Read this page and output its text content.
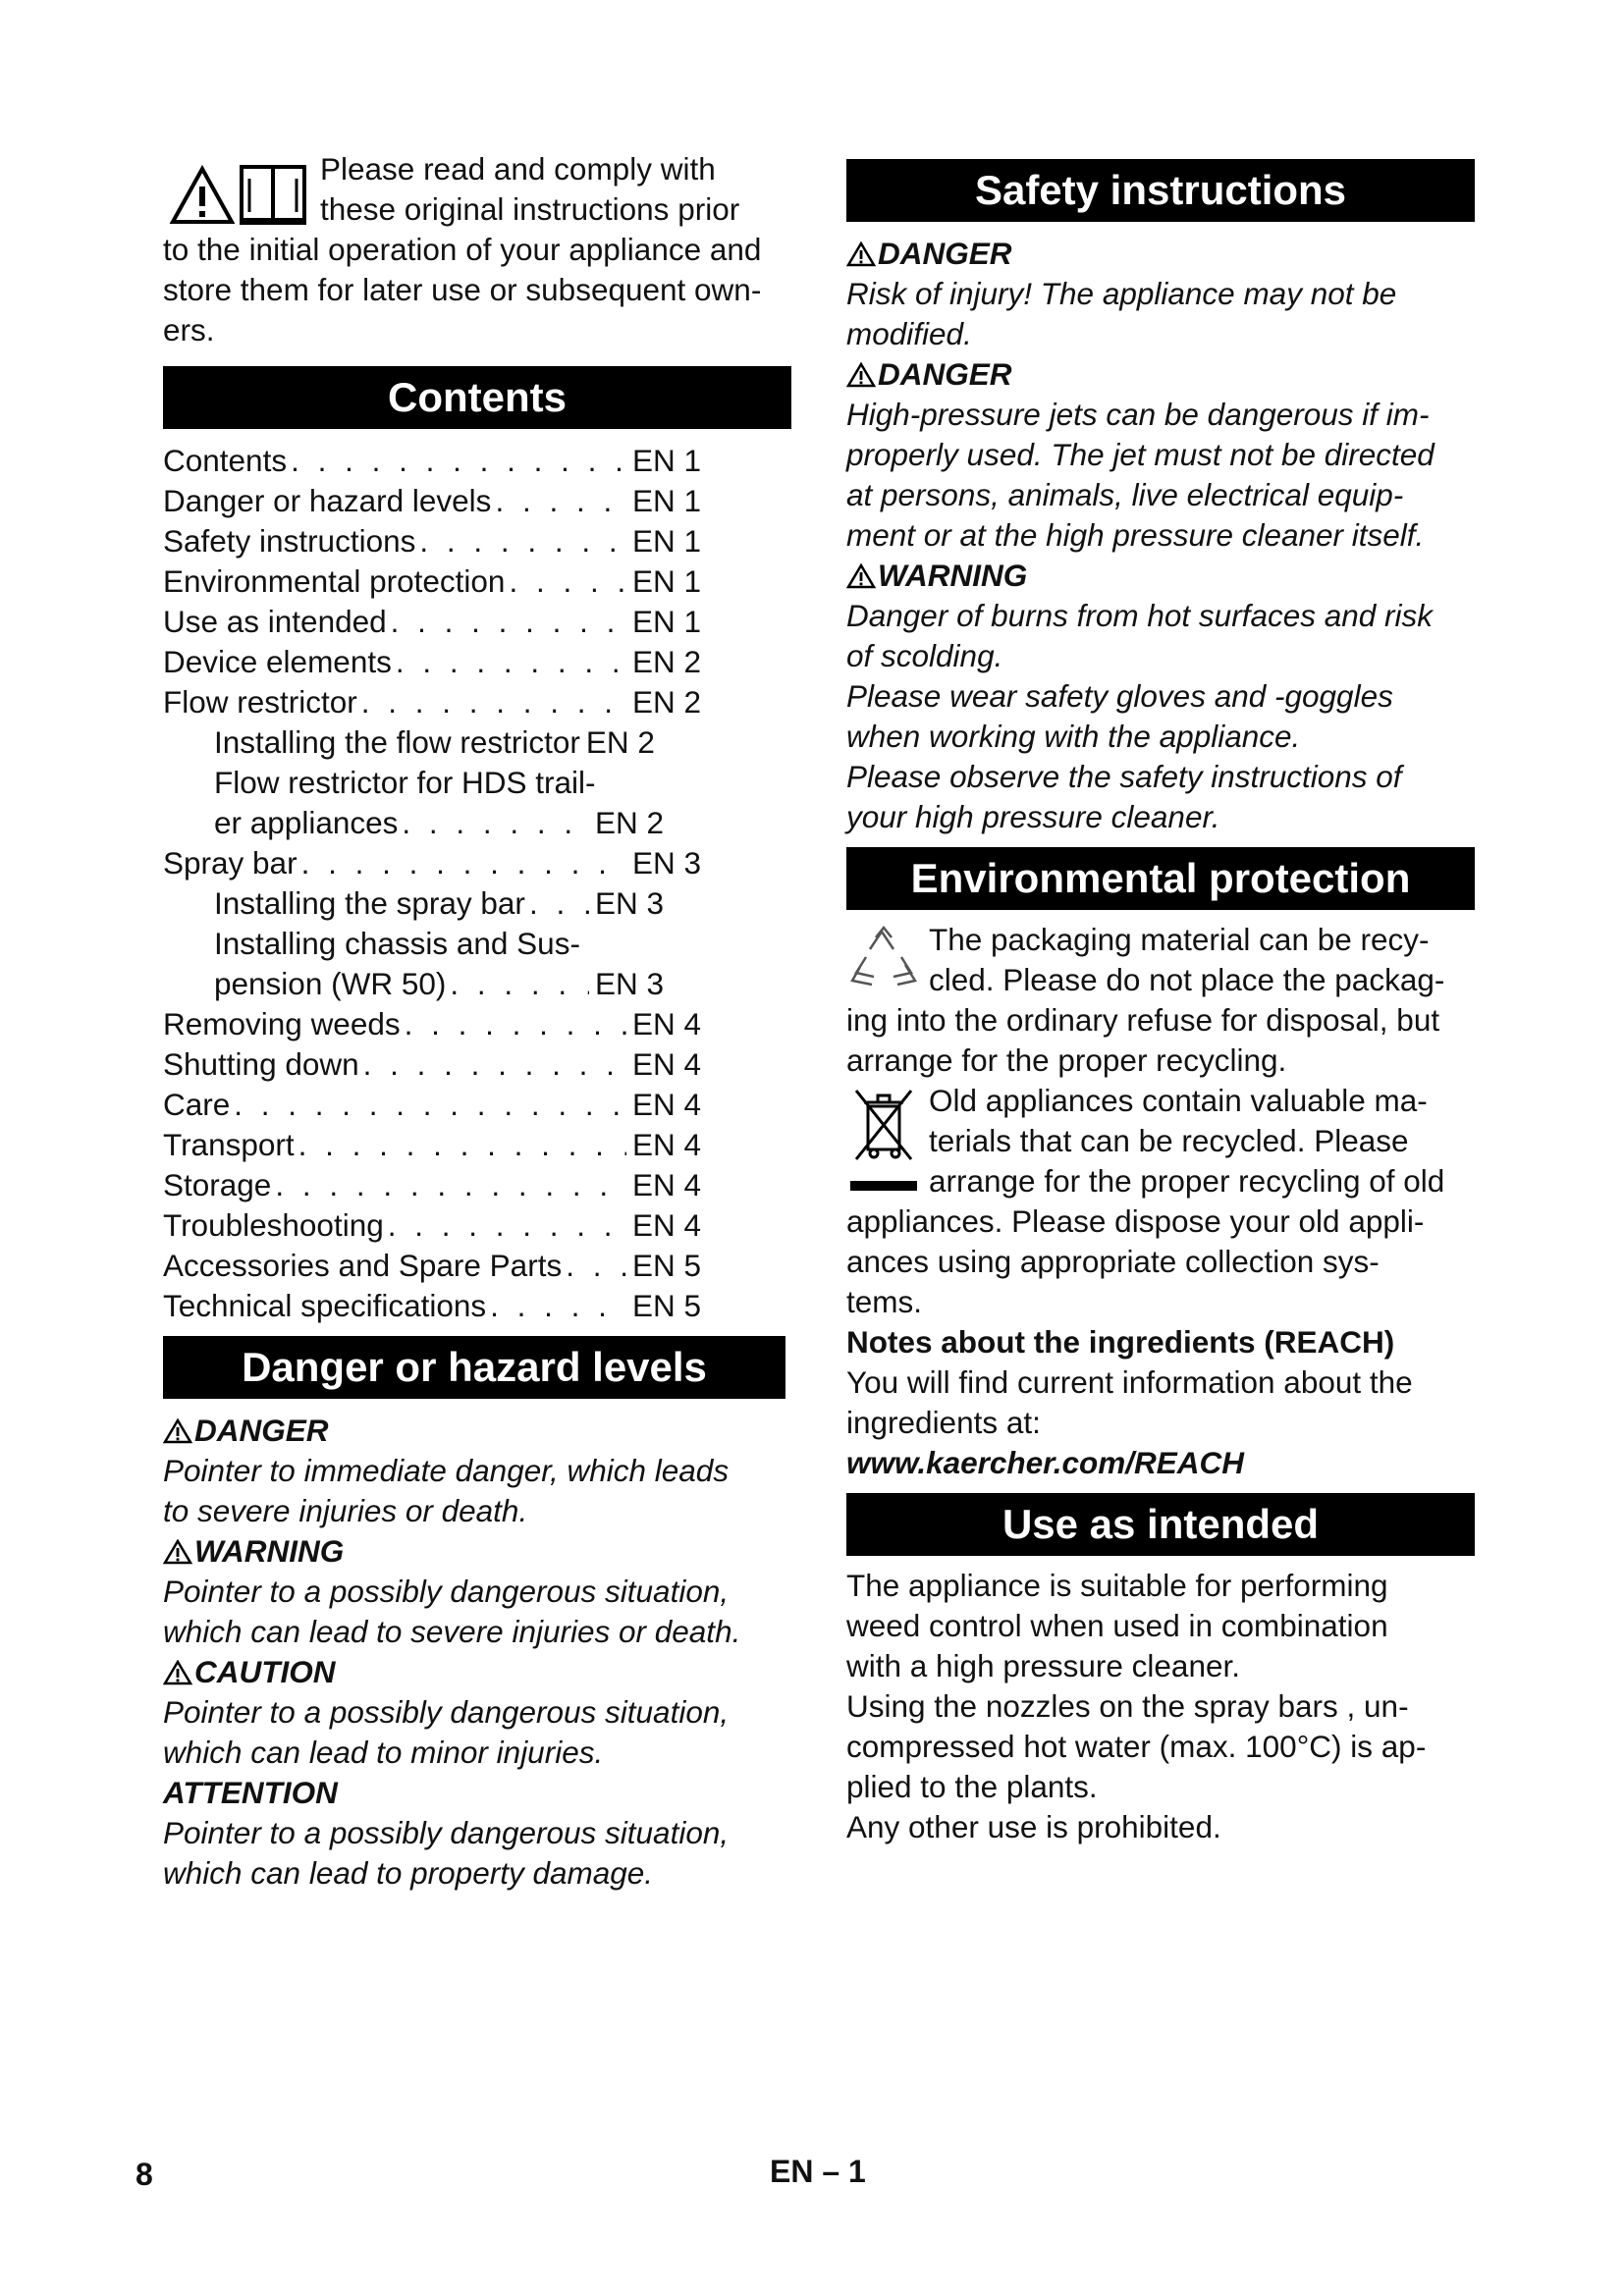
Please read and comply with
these original instructions prior
to the initial operation of your appliance and
store them for later use or subsequent own-
ers.
Contents
Contents . . .	EN 1
Danger or hazard levels . . .	EN 1
Safety instructions . . .	EN 1
Environmental protection . . .	EN 1
Use as intended . . .	EN 1
Device elements . . .	EN 2
Flow restrictor . . .	EN 2
Installing the flow restrictor EN 2
Flow restrictor for HDS trail-
er appliances . . .	EN 2
Spray bar . . .	EN 3
Installing the spray bar . . . EN 3
Installing chassis and Sus-
pension (WR 50) . . .	EN 3
Removing weeds . . .	EN 4
Shutting down . . .	EN 4
Care . . .	EN 4
Transport . . .	EN 4
Storage . . .	EN 4
Troubleshooting . . .	EN 4
Accessories and Spare Parts . . . EN 5
Technical specifications . . .	EN 5
Danger or hazard levels
DANGER
Pointer to immediate danger, which leads
to severe injuries or death.
WARNING
Pointer to a possibly dangerous situation,
which can lead to severe injuries or death.
CAUTION
Pointer to a possibly dangerous situation,
which can lead to minor injuries.
ATTENTION
Pointer to a possibly dangerous situation,
which can lead to property damage.
Safety instructions
DANGER
Risk of injury! The appliance may not be
modified.
DANGER
High-pressure jets can be dangerous if im-
properly used. The jet must not be directed
at persons, animals, live electrical equip-
ment or at the high pressure cleaner itself.
WARNING
Danger of burns from hot surfaces and risk
of scolding.
Please wear safety gloves and -goggles
when working with the appliance.
Please observe the safety instructions of
your high pressure cleaner.
Environmental protection
The packaging material can be recy-
cled. Please do not place the packag-
ing into the ordinary refuse for disposal, but
arrange for the proper recycling.
Old appliances contain valuable ma-
terials that can be recycled. Please
arrange for the proper recycling of old
appliances. Please dispose your old appli-
ances using appropriate collection sys-
tems.
Notes about the ingredients (REACH)
You will find current information about the
ingredients at:
www.kaercher.com/REACH
Use as intended
The appliance is suitable for performing
weed control when used in combination
with a high pressure cleaner.
Using the nozzles on the spray bars , un-
compressed hot water (max. 100°C) is ap-
plied to the plants.
Any other use is prohibited.
8	EN – 1
